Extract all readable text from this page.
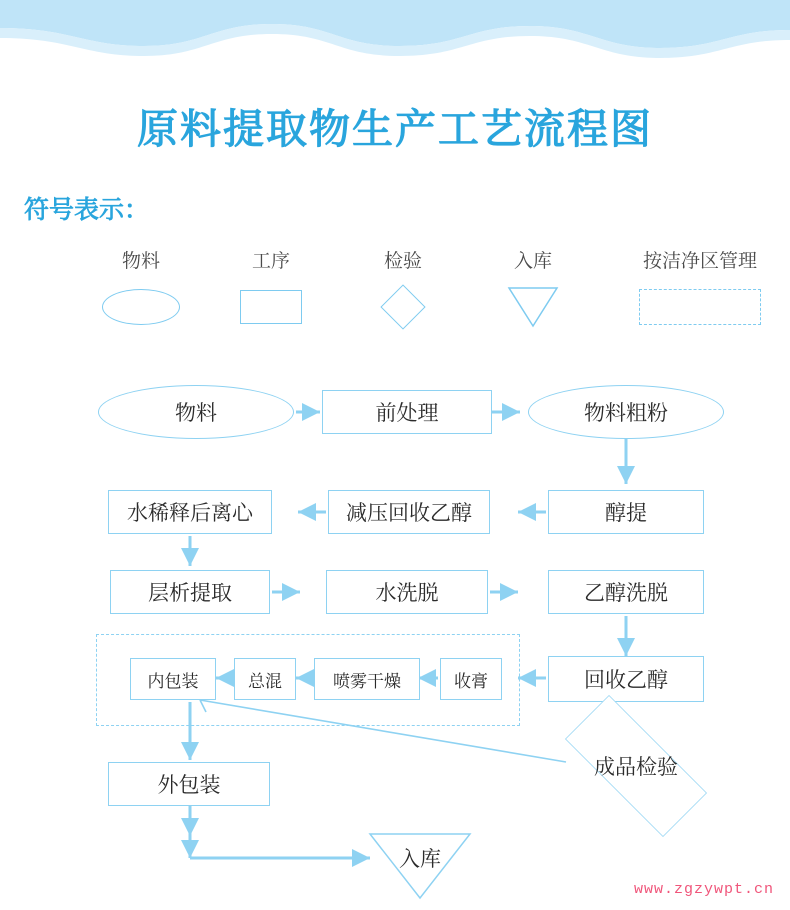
原料提取物生产工艺流程图
符号表示：
物料	工序	检验	入库	按洁净区管理
物料	前处理	物料粗粉
醇提
减压回收乙醇
水稀释后离心
层析提取	水洗脱	乙醇洗脱
回收乙醇
收膏
喷雾干燥
总混
内包装
外包装
成品检验
入库
www.zgzywpt.cn
